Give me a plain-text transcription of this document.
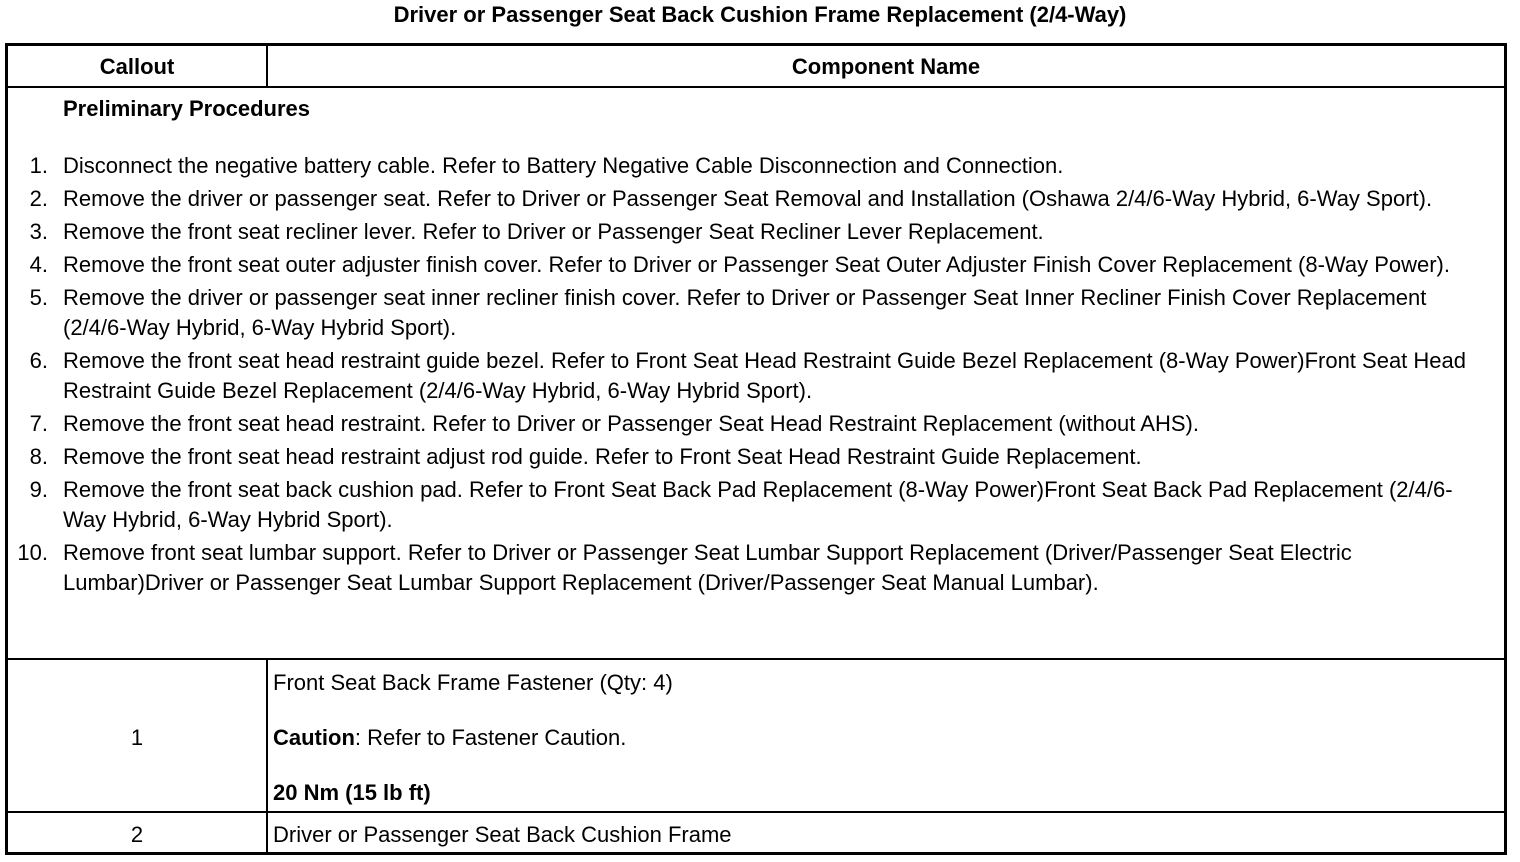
Driver or Passenger Seat Back Cushion Frame Replacement (2/4-Way)
Callout	Component Name
Preliminary Procedures
1. Disconnect the negative battery cable. Refer to Battery Negative Cable Disconnection and Connection.
2. Remove the driver or passenger seat. Refer to Driver or Passenger Seat Removal and Installation (Oshawa 2/4/6-Way Hybrid, 6-Way Sport).
3. Remove the front seat recliner lever. Refer to Driver or Passenger Seat Recliner Lever Replacement.
4. Remove the front seat outer adjuster finish cover. Refer to Driver or Passenger Seat Outer Adjuster Finish Cover Replacement (8-Way Power).
5. Remove the driver or passenger seat inner recliner finish cover. Refer to Driver or Passenger Seat Inner Recliner Finish Cover Replacement (2/4/6-Way Hybrid, 6-Way Hybrid Sport).
6. Remove the front seat head restraint guide bezel. Refer to Front Seat Head Restraint Guide Bezel Replacement (8-Way Power)Front Seat Head Restraint Guide Bezel Replacement (2/4/6-Way Hybrid, 6-Way Hybrid Sport).
7. Remove the front seat head restraint. Refer to Driver or Passenger Seat Head Restraint Replacement (without AHS).
8. Remove the front seat head restraint adjust rod guide. Refer to Front Seat Head Restraint Guide Replacement.
9. Remove the front seat back cushion pad. Refer to Front Seat Back Pad Replacement (8-Way Power)Front Seat Back Pad Replacement (2/4/6-Way Hybrid, 6-Way Hybrid Sport).
10. Remove front seat lumbar support. Refer to Driver or Passenger Seat Lumbar Support Replacement (Driver/Passenger Seat Electric Lumbar)Driver or Passenger Seat Lumbar Support Replacement (Driver/Passenger Seat Manual Lumbar).
1
Front Seat Back Frame Fastener (Qty: 4)
Caution: Refer to Fastener Caution.
20 Nm (15 lb ft)
2	Driver or Passenger Seat Back Cushion Frame
